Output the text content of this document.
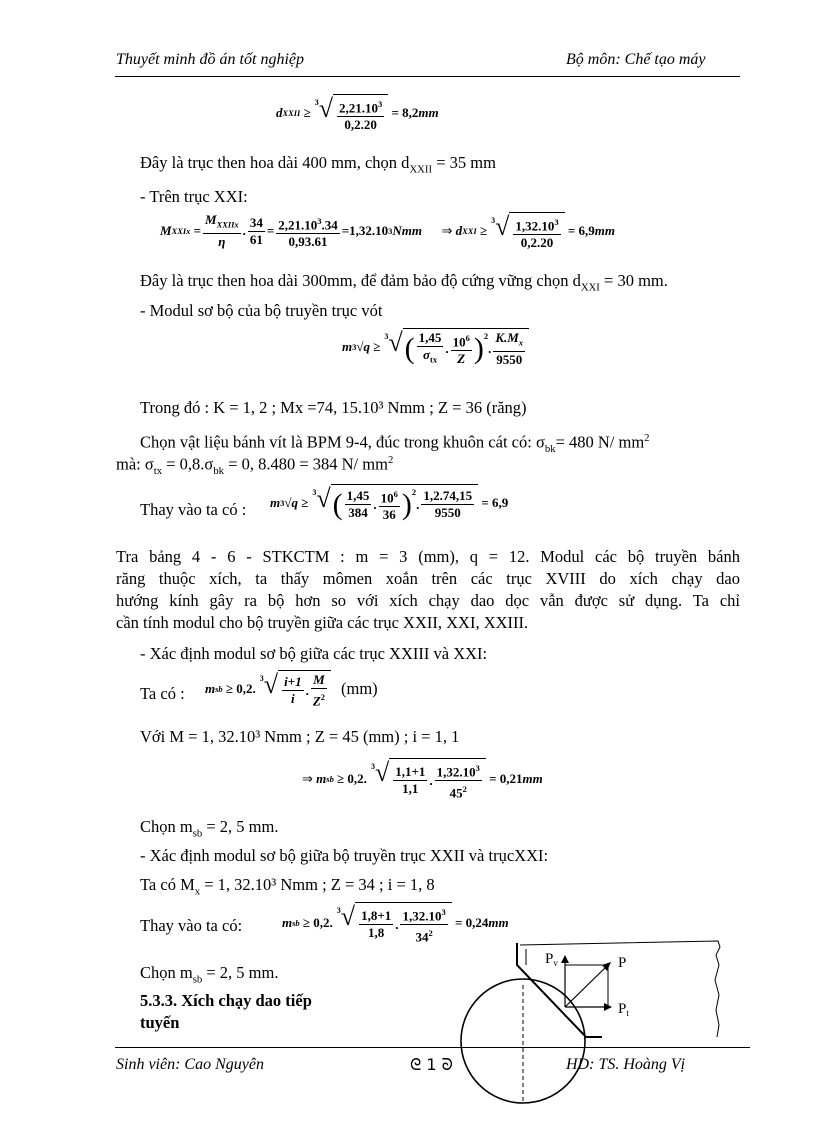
Thuyết minh đồ án tốt nghiệp	Bộ môn: Chế tạo máy
d XXII ≥
3 √ $\frac{2,21.10^3}{0,2.20}$
= 8,2 mm
Đây là trục then hoa dài 400 mm, chọn $d_{XXII} = 35$ mm
- Trên trục XXI:
M XXIx
= $\frac{M_{XXIIx}}{\eta}$ . $\frac{34}{61} = \frac{2,21.10^3.34}{0,93.61} =1,32.10$ 3 Nmm
⇒
d XXI ≥
3 √ $\frac{1,32.10^3}{0,2.20}$
= 6,9 mm
Đây là trục then hoa dài 300mm, để đảm bảo độ cứng vững chọn $d_{XXI} = 30$ mm.
- Modul sơ bộ của bộ truyền trục vót
m 3 √ q
≥
3 √ ( $\frac{1,45}{\sigma_{tx}}$ . $\frac{10^6}{Z} )^2$
. $\frac{K.M_x}{9550}$
Trong đó : K = 1, 2 ; Mx =74, 15.10³ Nmm ; Z = 36 (răng)
Chọn vật liệu bánh vít là BPM 9-4, đúc trong khuôn cát có: $\sigma_{bk}= 480$ N/ $mm^2$
mà: $\sigma_{tx} = 0,8.\sigma_{bk} = 0$, 8.480 = 384 N/ $mm^2$
Thay vào ta có : m 3 √ q
≥
3 √ ( $\frac{1,45}{384}$ . $\frac{10^6}{36} )^2$
. $\frac{1,2.74,15}{9550}$
= 6,9
Tra bảng 4 - 6 - STKCTM : m = 3 (mm), q = 12. Modul các bộ truyền bánh
răng thuộc xích, ta thấy mômen xoắn trên các trục XVIII do xích chạy dao
hướng kính gây ra bộ hơn so với xích chạy dao dọc vẫn được sử dụng. Ta chỉ
cần tính modul cho bộ truyền giữa các trục XXII, XXI, XXIII.
- Xác định modul sơ bộ giữa các trục XXIII và XXI:
Ta có : m sb
≥ 0,2.
3 √ $\frac{i+1}{i}$ . $\frac{M}{Z^2} (mm)$
Với M = 1, 32.10³ Nmm ; Z = 45 (mm) ; i = 1, 1
⇒
m sb
≥ 0,2.
3 √ $\frac{1,1+1}{1,1}$ . $\frac{1,32.10^3}{45^2}$
= 0,21 mm
Chọn $m_{sb} = 2$, 5 mm.
- Xác định modul sơ bộ giữa bộ truyền trục XXII và trụcXXI:
Ta có $M_x = 1$, 32.10³ Nmm ; Z = 34 ; i = 1, 8
Thay vào ta có:	m sb
≥ 0,2.
3 √ $\frac{1,8+1}{1,8}$ . $\frac{1,32.10^3}{34^2}$
= 0,24 mm
Chọn $m_{sb} = 2$, 5 mm.
5.3.3. Xích chạy dao tiếp
tuyến
$P_v$	P
$P_t$
Sinh viên: Cao Nguyên	ᘓ 1 ᘐ	HD: TS. Hoàng Vị
